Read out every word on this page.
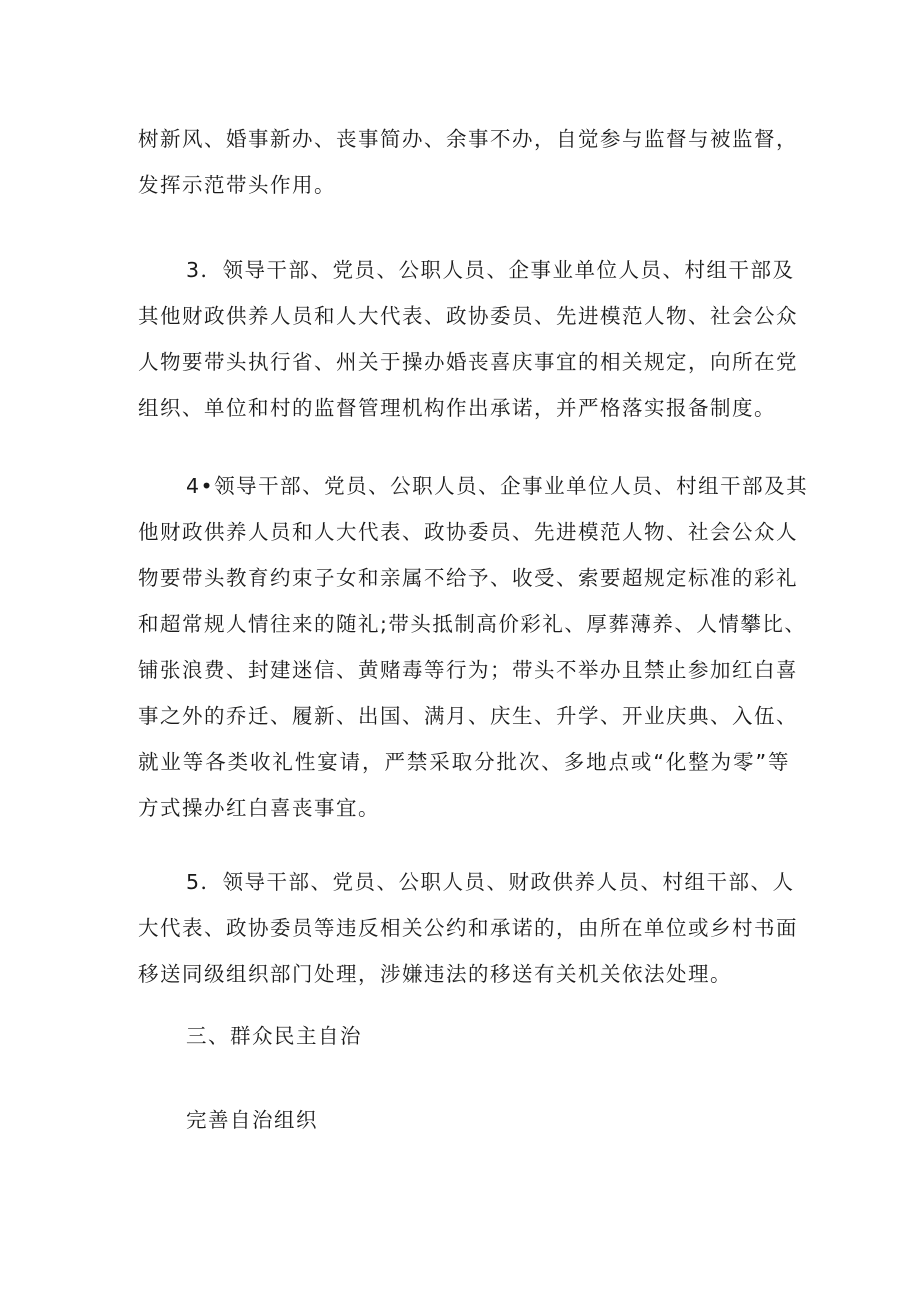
树新风、婚事新办、丧事简办、余事不办，自觉参与监督与被监督，
发挥示范带头作用。
3．领导干部、党员、公职人员、企事业单位人员、村组干部及
其他财政供养人员和人大代表、政协委员、先进模范人物、社会公众
人物要带头执行省、州关于操办婚丧喜庆事宜的相关规定，向所在党
组织、单位和村的监督管理机构作出承诺，并严格落实报备制度。
4•领导干部、党员、公职人员、企事业单位人员、村组干部及其
他财政供养人员和人大代表、政协委员、先进模范人物、社会公众人
物要带头教育约束子女和亲属不给予、收受、索要超规定标准的彩礼
和超常规人情往来的随礼;带头抵制高价彩礼、厚葬薄养、人情攀比、
铺张浪费、封建迷信、黄赌毒等行为；带头不举办且禁止参加红白喜
事之外的乔迁、履新、出国、满月、庆生、升学、开业庆典、入伍、
就业等各类收礼性宴请，严禁采取分批次、多地点或“化整为零”等
方式操办红白喜丧事宜。
5．领导干部、党员、公职人员、财政供养人员、村组干部、人
大代表、政协委员等违反相关公约和承诺的，由所在单位或乡村书面
移送同级组织部门处理，涉嫌违法的移送有关机关依法处理。
三、群众民主自治
完善自治组织
